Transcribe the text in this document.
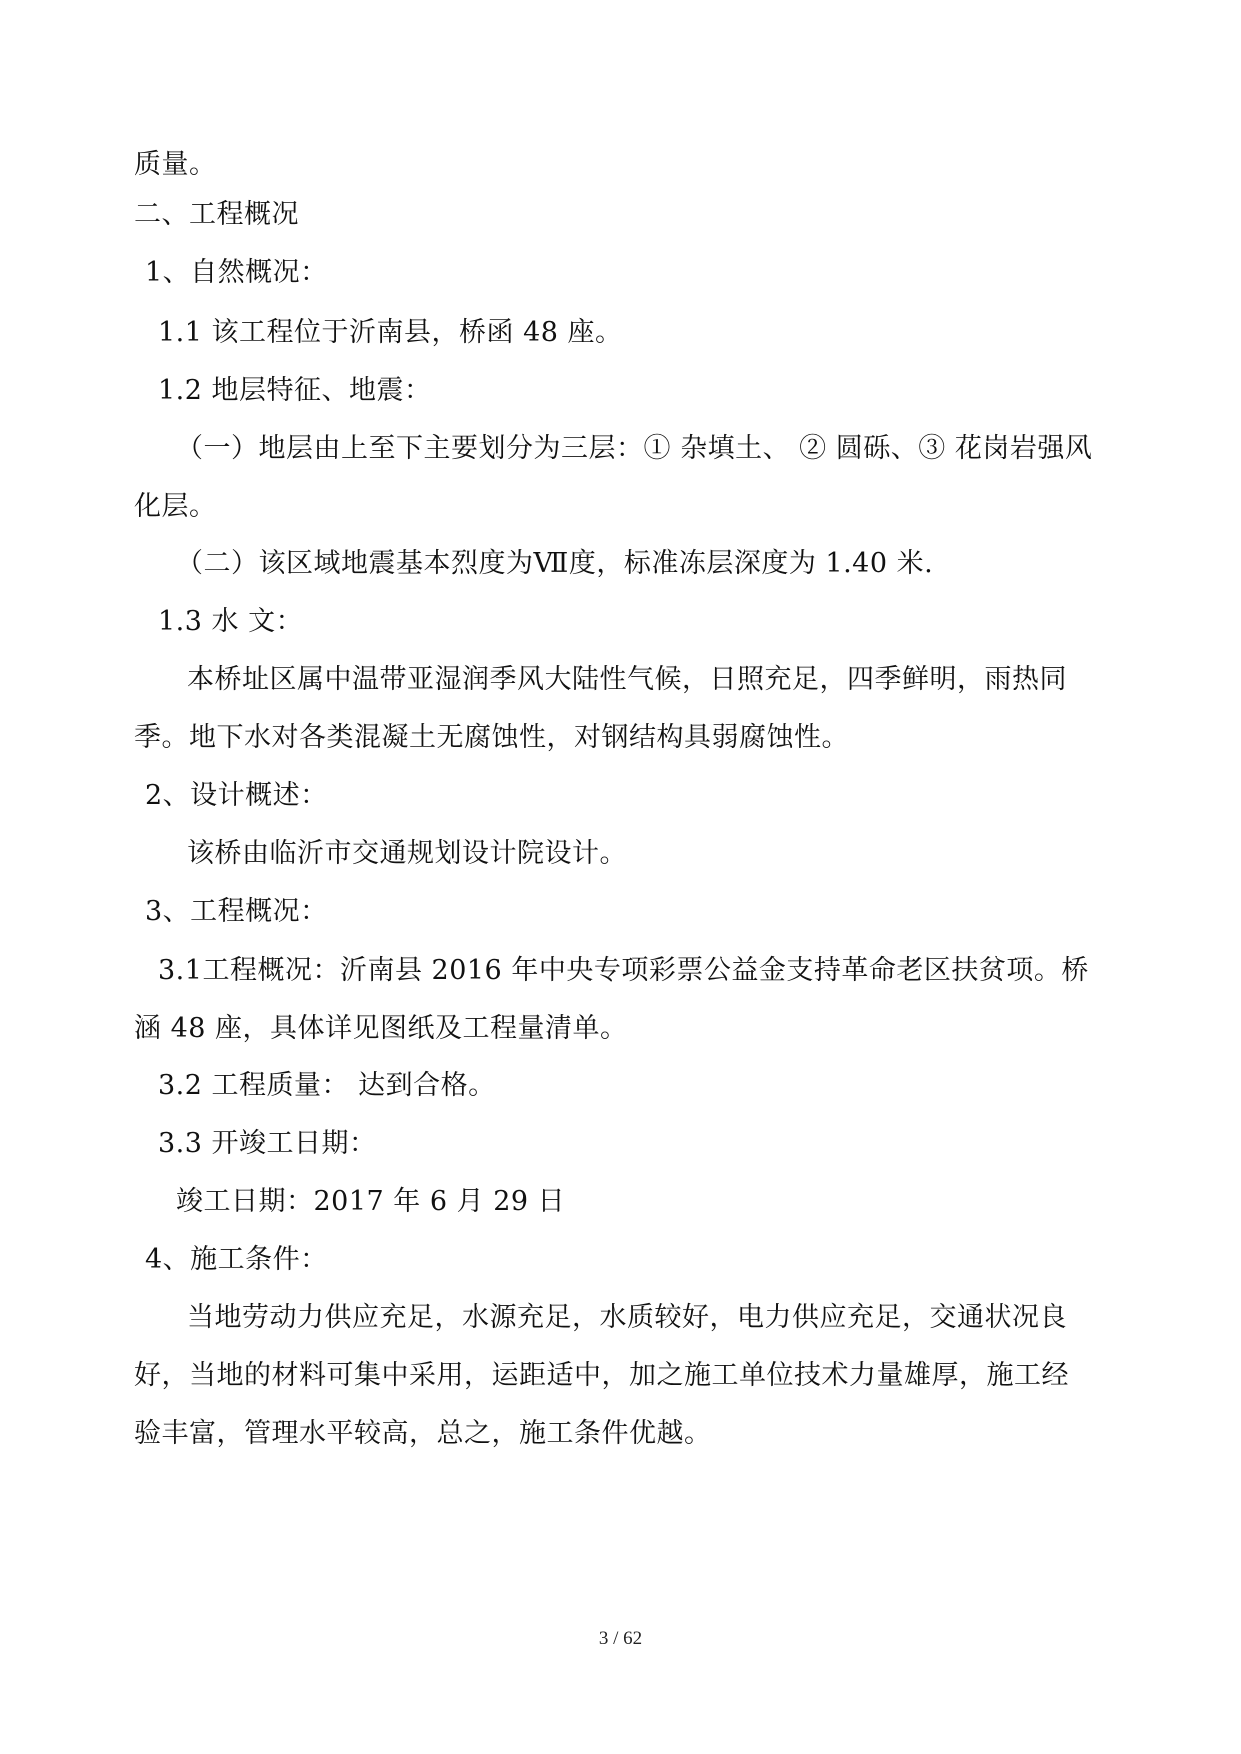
质量。
二、工程概况
1、自然概况：
1.1 该工程位于沂南县，桥函 48 座。
1.2 地层特征、地震：
（一）地层由上至下主要划分为三层：① 杂填土、 ② 圆砾、③ 花岗岩强风
化层。
（二）该区域地震基本烈度为Ⅶ度，标准冻层深度为 1.40 米.
1.3 水 文：
本桥址区属中温带亚湿润季风大陆性气候，日照充足，四季鲜明，雨热同
季。地下水对各类混凝土无腐蚀性，对钢结构具弱腐蚀性。
2、设计概述：
该桥由临沂市交通规划设计院设计。
3、工程概况：
3.1工程概况：沂南县 2016 年中央专项彩票公益金支持革命老区扶贫项。桥
涵 48 座，具体详见图纸及工程量清单。
3.2 工程质量： 达到合格。
3.3 开竣工日期：
竣工日期：2017 年 6 月 29 日
4、施工条件：
当地劳动力供应充足，水源充足，水质较好，电力供应充足，交通状况良
好，当地的材料可集中采用，运距适中，加之施工单位技术力量雄厚，施工经
验丰富，管理水平较高，总之，施工条件优越。
3 / 62
